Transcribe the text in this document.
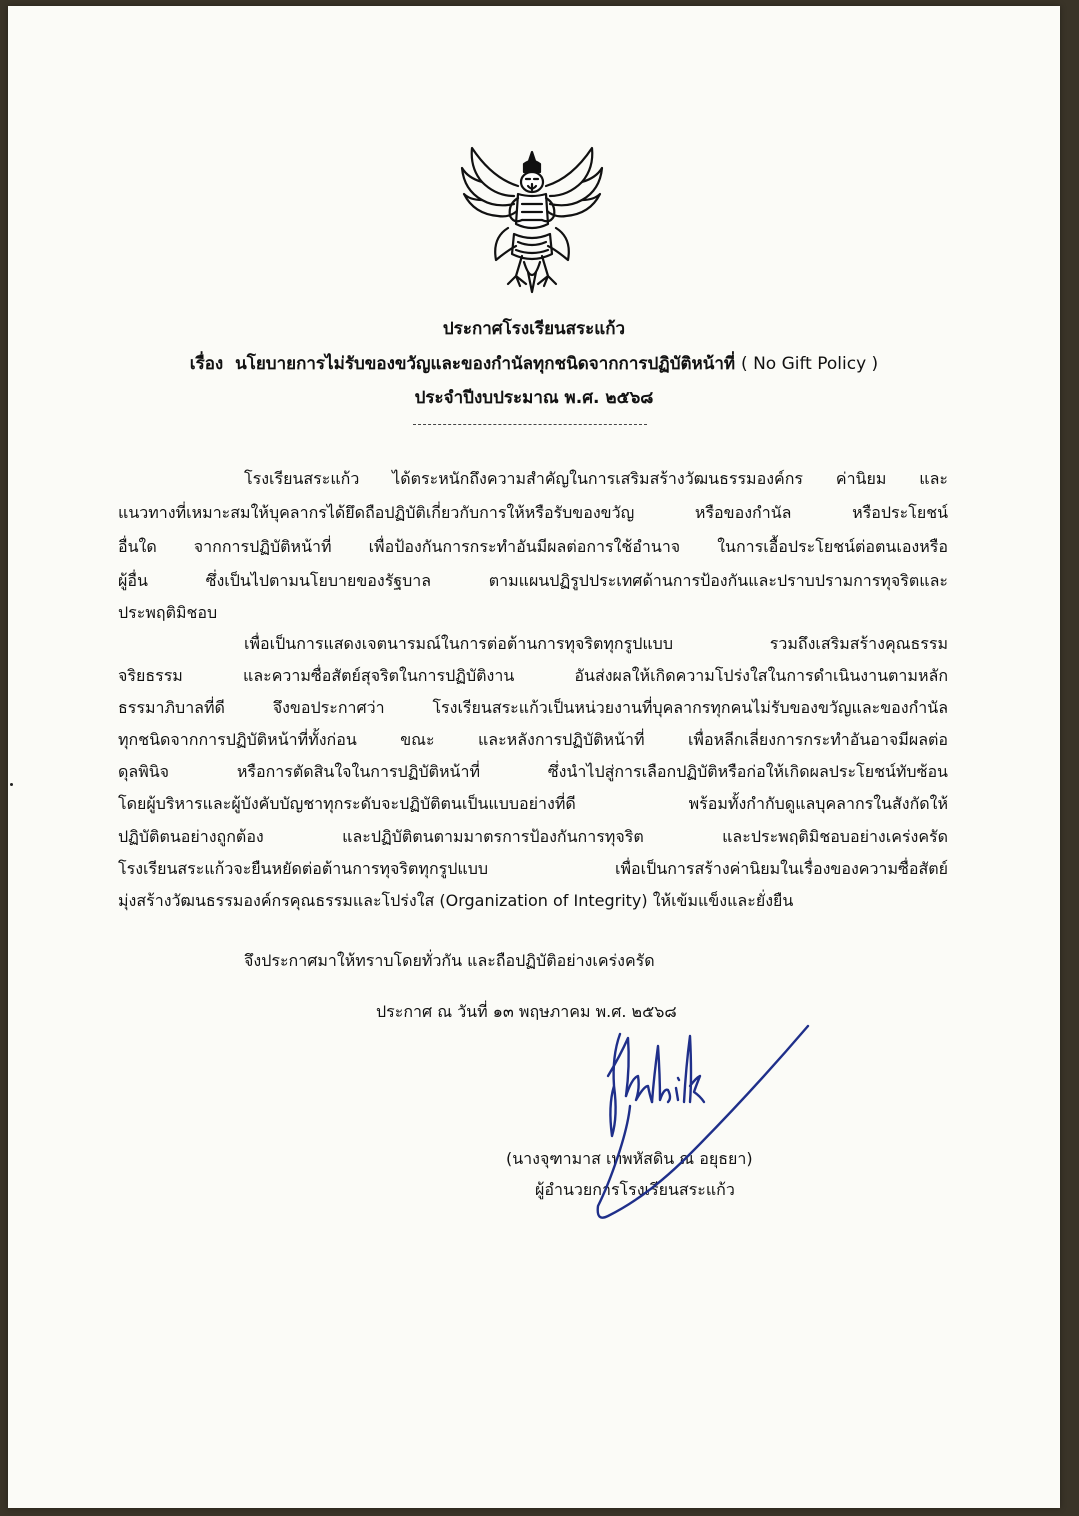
ประกาศโรงเรียนสระแก้ว
เรื่อง นโยบายการไม่รับของขวัญและของกำนัลทุกชนิดจากการปฏิบัติหน้าที่ ( No Gift Policy )
ประจำปีงบประมาณ พ.ศ. ๒๕๖๘
โรงเรียนสระแก้ว ได้ตระหนักถึงความสำคัญในการเสริมสร้างวัฒนธรรมองค์กร ค่านิยม และ
แนวทางที่เหมาะสมให้บุคลากรได้ยึดถือปฏิบัติเกี่ยวกับการให้หรือรับของขวัญ หรือของกำนัล หรือประโยชน์
อื่นใด จากการปฏิบัติหน้าที่ เพื่อป้องกันการกระทำอันมีผลต่อการใช้อำนาจ ในการเอื้อประโยชน์ต่อตนเองหรือ
ผู้อื่น ซึ่งเป็นไปตามนโยบายของรัฐบาล ตามแผนปฏิรูปประเทศด้านการป้องกันและปราบปรามการทุจริตและ
ประพฤติมิชอบ
เพื่อเป็นการแสดงเจตนารมณ์ในการต่อต้านการทุจริตทุกรูปแบบ รวมถึงเสริมสร้างคุณธรรม
จริยธรรม และความซื่อสัตย์สุจริตในการปฏิบัติงาน อันส่งผลให้เกิดความโปร่งใสในการดำเนินงานตามหลัก
ธรรมาภิบาลที่ดี จึงขอประกาศว่า โรงเรียนสระแก้วเป็นหน่วยงานที่บุคลากรทุกคนไม่รับของขวัญและของกำนัล
ทุกชนิดจากการปฏิบัติหน้าที่ทั้งก่อน ขณะ และหลังการปฏิบัติหน้าที่ เพื่อหลีกเลี่ยงการกระทำอันอาจมีผลต่อ
ดุลพินิจ หรือการตัดสินใจในการปฏิบัติหน้าที่ ซึ่งนำไปสู่การเลือกปฏิบัติหรือก่อให้เกิดผลประโยชน์ทับซ้อน
โดยผู้บริหารและผู้บังคับบัญชาทุกระดับจะปฏิบัติตนเป็นแบบอย่างที่ดี พร้อมทั้งกำกับดูแลบุคลากรในสังกัดให้
ปฏิบัติตนอย่างถูกต้อง และปฏิบัติตนตามมาตรการป้องกันการทุจริต และประพฤติมิชอบอย่างเคร่งครัด
โรงเรียนสระแก้วจะยืนหยัดต่อต้านการทุจริตทุกรูปแบบ เพื่อเป็นการสร้างค่านิยมในเรื่องของความซื่อสัตย์
มุ่งสร้างวัฒนธรรมองค์กรคุณธรรมและโปร่งใส (Organization of Integrity) ให้เข้มแข็งและยั่งยืน
จึงประกาศมาให้ทราบโดยทั่วกัน และถือปฏิบัติอย่างเคร่งครัด
ประกาศ ณ วันที่ ๑๓ พฤษภาคม พ.ศ. ๒๕๖๘
(นางจุฑามาส เทพหัสดิน ณ อยุธยา)
ผู้อำนวยการโรงเรียนสระแก้ว
